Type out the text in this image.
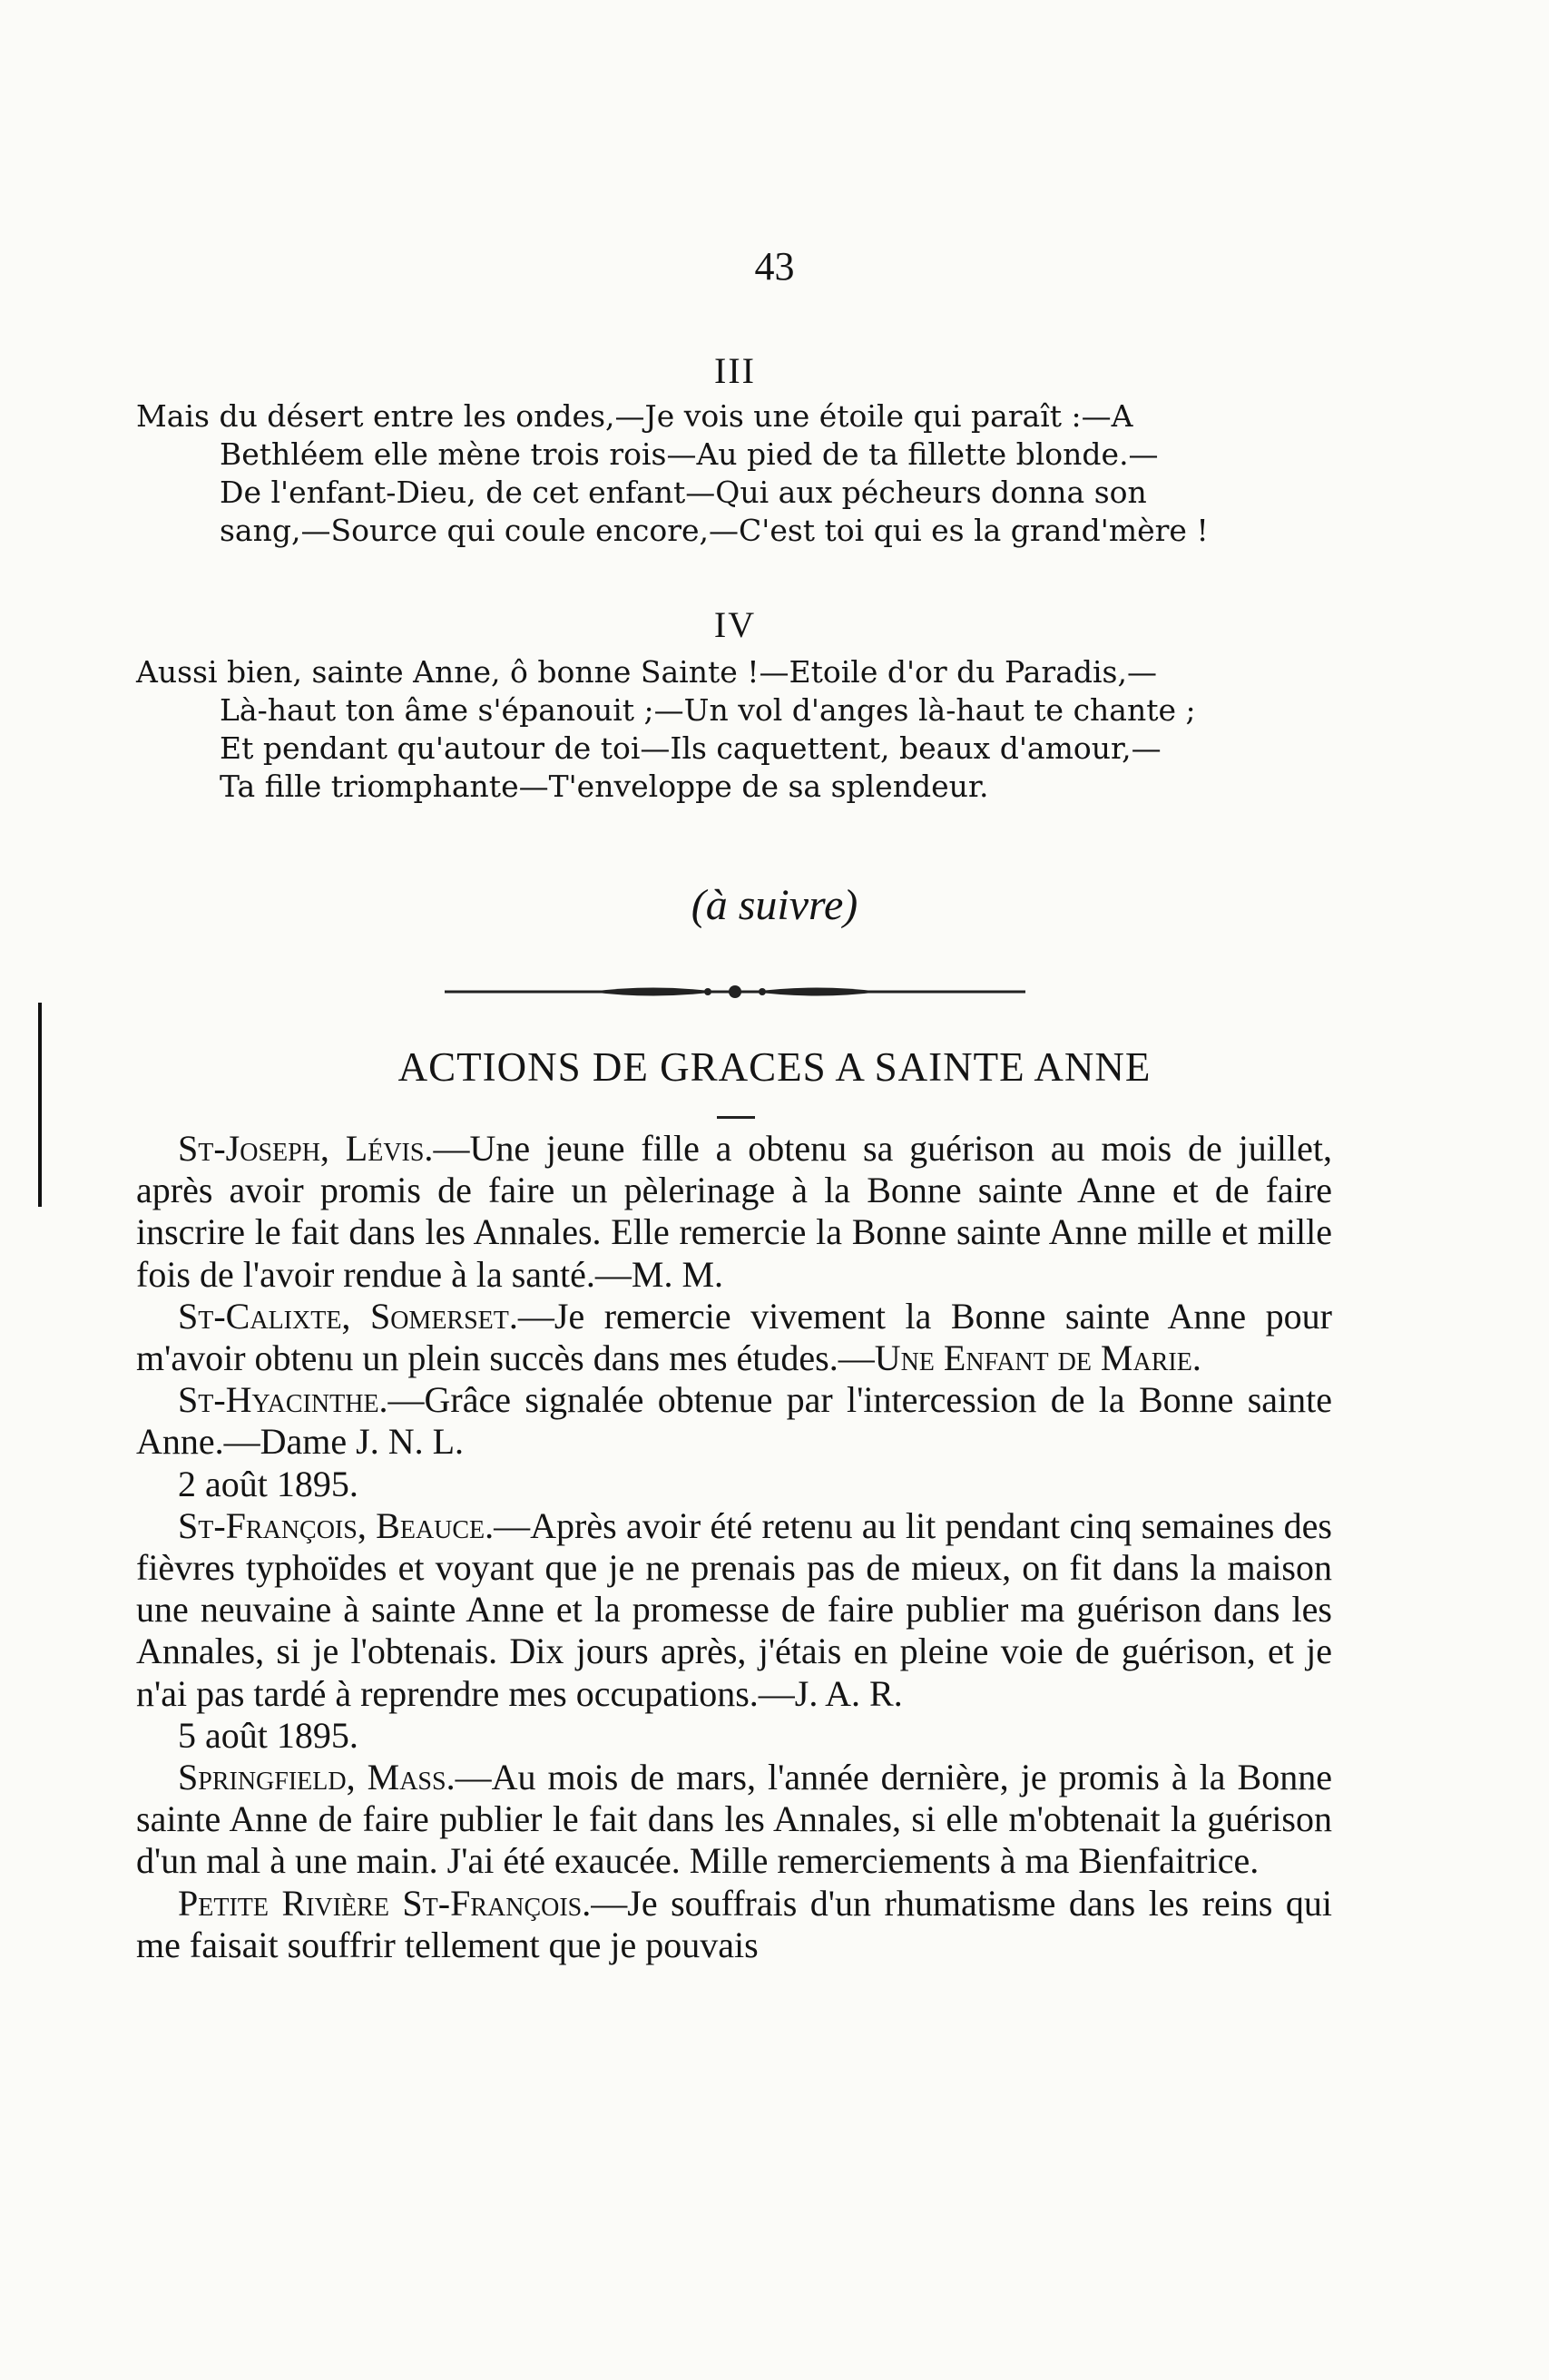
43
III
Mais du désert entre les ondes,—Je vois une étoile qui paraît :—A
Bethléem elle mène trois rois—Au pied de ta fillette blonde.—
De l'enfant-Dieu, de cet enfant—Qui aux pécheurs donna son
sang,—Source qui coule encore,—C'est toi qui es la grand'mère !
IV
Aussi bien, sainte Anne, ô bonne Sainte !—Etoile d'or du Paradis,—
Là-haut ton âme s'épanouit ;—Un vol d'anges là-haut te chante ;
Et pendant qu'autour de toi—Ils caquettent, beaux d'amour,—
Ta fille triomphante—T'enveloppe de sa splendeur.
(à suivre)
ACTIONS DE GRACES A SAINTE ANNE

St-Joseph, Lévis.—Une jeune fille a obtenu sa guérison au mois de juillet, après avoir promis de faire un pèlerinage à la Bonne sainte Anne et de faire inscrire le fait dans les Annales. Elle remercie la Bonne sainte Anne mille et mille fois de l'avoir rendue à la santé.—M. M.

St-Calixte, Somerset.—Je remercie vivement la Bonne sainte Anne pour m'avoir obtenu un plein succès dans mes études.—Une Enfant de Marie.

St-Hyacinthe.—Grâce signalée obtenue par l'intercession de la Bonne sainte Anne.—Dame J. N. L.

2 août 1895.

St-François, Beauce.—Après avoir été retenu au lit pendant cinq semaines des fièvres typhoïdes et voyant que je ne prenais pas de mieux, on fit dans la maison une neuvaine à sainte Anne et la promesse de faire publier ma guérison dans les Annales, si je l'obtenais. Dix jours après, j'étais en pleine voie de guérison, et je n'ai pas tardé à reprendre mes occupations.—J. A. R.

5 août 1895.

Springfield, Mass.—Au mois de mars, l'année dernière, je promis à la Bonne sainte Anne de faire publier le fait dans les Annales, si elle m'obtenait la guérison d'un mal à une main. J'ai été exaucée. Mille remerciements à ma Bienfaitrice.

Petite Rivière St-François.—Je souffrais d'un rhumatisme dans les reins qui me faisait souffrir tellement que je pouvais
